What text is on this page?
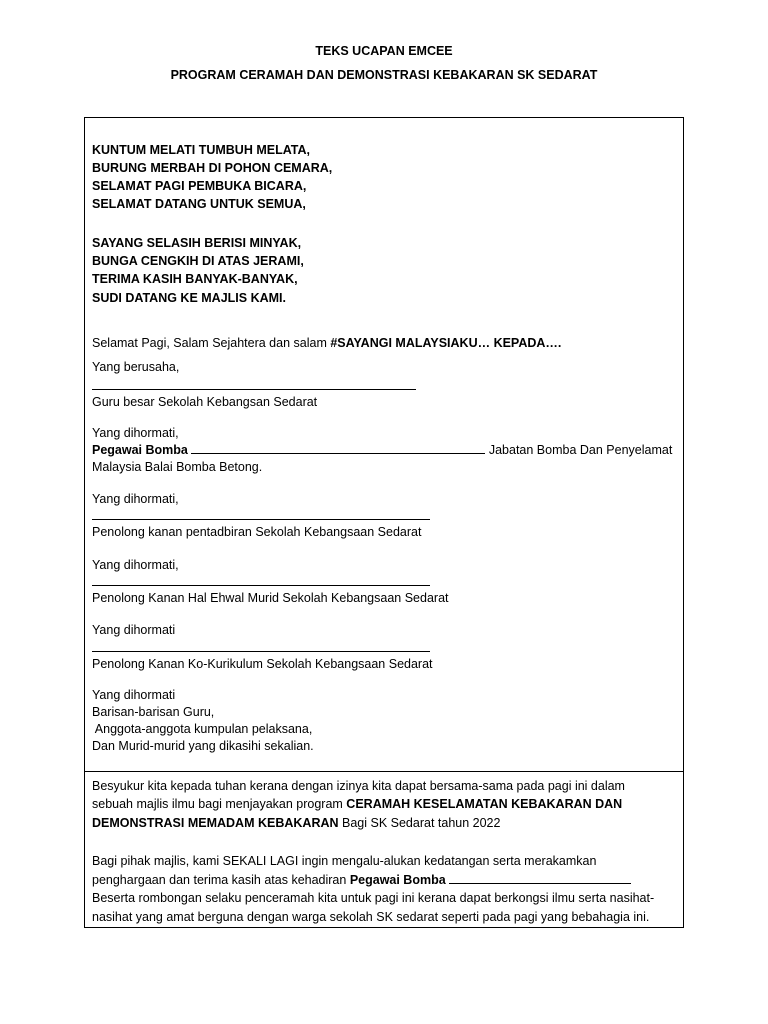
TEKS UCAPAN EMCEE
PROGRAM CERAMAH DAN DEMONSTRASI KEBAKARAN SK SEDARAT
KUNTUM MELATI TUMBUH MELATA,
BURUNG MERBAH DI POHON CEMARA,
SELAMAT PAGI PEMBUKA BICARA,
SELAMAT DATANG UNTUK SEMUA,
SAYANG SELASIH BERISI MINYAK,
BUNGA CENGKIH DI ATAS JERAMI,
TERIMA KASIH BANYAK-BANYAK,
SUDI DATANG KE MAJLIS KAMI.
Selamat Pagi, Salam Sejahtera dan salam #SAYANGI MALAYSIAKU… KEPADA….
Yang berusaha,
Guru besar Sekolah Kebangsan Sedarat
Yang dihormati,
Pegawai Bomba	Jabatan Bomba Dan Penyelamat
Malaysia Balai Bomba Betong.
Yang dihormati,
Penolong kanan pentadbiran Sekolah Kebangsaan Sedarat
Yang dihormati,
Penolong Kanan Hal Ehwal Murid Sekolah Kebangsaan Sedarat
Yang dihormati
Penolong Kanan Ko-Kurikulum Sekolah Kebangsaan Sedarat
Yang dihormati
Barisan-barisan Guru,
Anggota-anggota kumpulan pelaksana,
Dan Murid-murid yang dikasihi sekalian.
Besyukur kita kepada tuhan kerana dengan izinya kita dapat bersama-sama pada pagi ini dalam
sebuah majlis ilmu bagi menjayakan program CERAMAH KESELAMATAN KEBAKARAN DAN
DEMONSTRASI MEMADAM KEBAKARAN Bagi SK Sedarat tahun 2022
Bagi pihak majlis, kami SEKALI LAGI ingin mengalu-alukan kedatangan serta merakamkan
penghargaan dan terima kasih atas kehadiran Pegawai Bomba
Beserta rombongan selaku penceramah kita untuk pagi ini kerana dapat berkongsi ilmu serta nasihat-
nasihat yang amat berguna dengan warga sekolah SK sedarat seperti pada pagi yang bebahagia ini.
